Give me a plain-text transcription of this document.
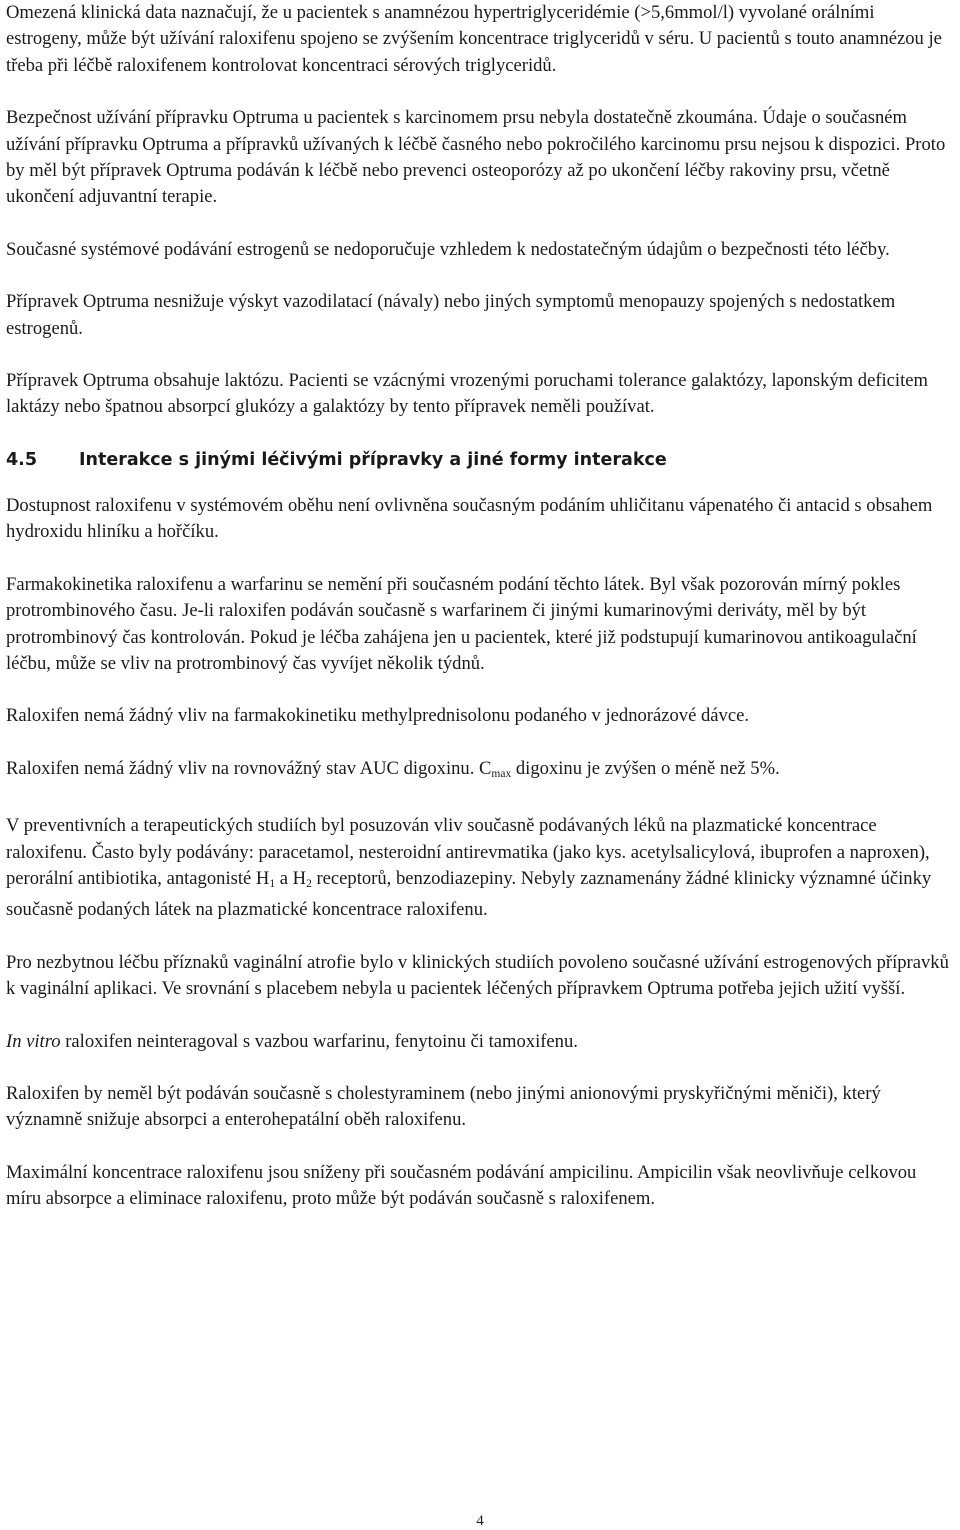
Omezená klinická data naznačují, že u pacientek s anamnézou hypertriglyceridémie (>5,6mmol/l) vyvolané orálními estrogeny, může být užívání raloxifenu spojeno se zvýšením koncentrace triglyceridů v séru. U pacientů s touto anamnézou je třeba při léčbě raloxifenem kontrolovat koncentraci sérových triglyceridů.

Bezpečnost užívání přípravku Optruma u pacientek s karcinomem prsu nebyla dostatečně zkoumána. Údaje o současném užívání přípravku Optruma a přípravků užívaných k léčbě časného nebo pokročilého karcinomu prsu nejsou k dispozici. Proto by měl být přípravek Optruma podáván k léčbě nebo prevenci osteoporózy až po ukončení léčby rakoviny prsu, včetně ukončení adjuvantní terapie.

Současné systémové podávání estrogenů se nedoporučuje vzhledem k nedostatečným údajům o bezpečnosti této léčby.

Přípravek Optruma nesnižuje výskyt vazodilatací (návaly) nebo jiných symptomů menopauzy spojených s nedostatkem estrogenů.

Přípravek Optruma obsahuje laktózu. Pacienti se vzácnými vrozenými poruchami tolerance galaktózy, laponským deficitem laktázy nebo špatnou absorpcí glukózy a galaktózy by tento přípravek neměli používat.

4.5 Interakce s jinými léčivými přípravky a jiné formy interakce

Dostupnost raloxifenu v systémovém oběhu není ovlivněna současným podáním uhličitanu vápenatého či antacid s obsahem hydroxidu hliníku a hořčíku.

Farmakokinetika raloxifenu a warfarinu se nemění při současném podání těchto látek. Byl však pozorován mírný pokles protrombinového času. Je-li raloxifen podáván současně s warfarinem či jinými kumarinovými deriváty, měl by být protrombinový čas kontrolován. Pokud je léčba zahájena jen u pacientek, které již podstupují kumarinovou antikoagulační léčbu, může se vliv na protrombinový čas vyvíjet několik týdnů.

Raloxifen nemá žádný vliv na farmakokinetiku methylprednisolonu podaného v jednorázové dávce.

Raloxifen nemá žádný vliv na rovnovážný stav AUC digoxinu. $C_{max}$ digoxinu je zvýšen o méně než 5%.

V preventivních a terapeutických studiích byl posuzován vliv současně podávaných léků na plazmatické koncentrace raloxifenu. Často byly podávány: paracetamol, nesteroidní antirevmatika (jako kys. acetylsalicylová, ibuprofen a naproxen), perorální antibiotika, antagonisté $H_1$ a $H_2$ receptorů, benzodiazepiny. Nebyly zaznamenány žádné klinicky významné účinky současně podaných látek na plazmatické koncentrace raloxifenu.

Pro nezbytnou léčbu příznaků vaginální atrofie bylo v klinických studiích povoleno současné užívání estrogenových přípravků k vaginální aplikaci. Ve srovnání s placebem nebyla u pacientek léčených přípravkem Optruma potřeba jejich užití vyšší.

In vitro raloxifen neinteragoval s vazbou warfarinu, fenytoinu či tamoxifenu.

Raloxifen by neměl být podáván současně s cholestyraminem (nebo jinými anionovými pryskyřičnými měniči), který významně snižuje absorpci a enterohepatální oběh raloxifenu.

Maximální koncentrace raloxifenu jsou sníženy při současném podávání ampicilinu. Ampicilin však neovlivňuje celkovou míru absorpce a eliminace raloxifenu, proto může být podáván současně s raloxifenem.

4
